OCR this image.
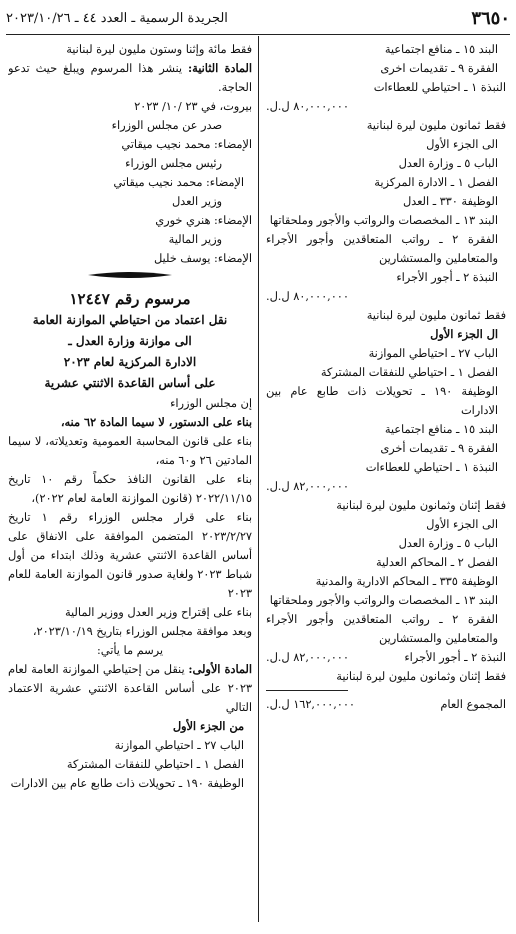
٣٦٥٠
الجريدة الرسمية ـ العدد ٤٤ ـ ٢٠٢٣/١٠/٢٦
البند ١٥ ـ منافع اجتماعية
الفقرة ٩ ـ تقديمات اخرى
النبذة ١ ـ احتياطي للعطاءات
٨٠,٠٠٠,٠٠٠ ل.ل.
فقط ثمانون مليون ليرة لبنانية
الى الجزء الأول
الباب ٥ ـ وزارة العدل
الفصل ١ ـ الادارة المركزية
الوظيفة ٣٣٠ ـ العدل
البند ١٣ ـ المخصصات والرواتب والأجور وملحقاتها
الفقرة ٢ ـ رواتب المتعاقدين وأجور الأجراء والمتعاملين والمستشارين
النبذة ٢ ـ أجور الأجراء
٨٠,٠٠٠,٠٠٠ ل.ل.
فقط ثمانون مليون ليرة لبنانية
ال الجزء الأول
الباب ٢٧ ـ احتياطي الموازنة
الفصل ١ ـ احتياطي للنفقات المشتركة
الوظيفة ١٩٠ ـ تحويلات ذات طابع عام بين الادارات
البند ١٥ ـ منافع اجتماعية
الفقرة ٩ ـ تقديمات أخرى
النبذة ١ ـ احتياطي للعطاءات
٨٢,٠٠٠,٠٠٠ ل.ل.
فقط إثنان وثمانون مليون ليرة لبنانية
الى الجزء الأول
الباب ٥ ـ وزارة العدل
الفصل ٢ ـ المحاكم العدلية
الوظيفة ٣٣٥ ـ المحاكم الادارية والمدنية
البند ١٣ ـ المخصصات والرواتب والأجور وملحقاتها
الفقرة ٢ ـ رواتب المتعاقدين وأجور الأجراء والمتعاملين والمستشارين
النبذة ٢ ـ أجور الأجراء
٨٢,٠٠٠,٠٠٠ ل.ل.
فقط إثنان وثمانون مليون ليرة لبنانية
المجموع العام
١٦٢,٠٠٠,٠٠٠ ل.ل.
فقط مائة وإثنا وستون مليون ليرة لبنانية
المادة الثانية: ينشر هذا المرسوم ويبلغ حيث تدعو الحاجة.
بيروت، في ٢٣ /١٠/ ٢٠٢٣
صدر عن مجلس الوزراء
الإمضاء: محمد نجيب ميقاتي
رئيس مجلس الوزراء
الإمضاء: محمد نجيب ميقاتي
وزير العدل
الإمضاء: هنري خوري
وزير المالية
الإمضاء: يوسف خليل
مرسوم رقم ١٢٤٤٧
نقل اعتماد من احتياطي الموازنة العامة
الى موازنة وزارة العدل ـ
الادارة المركزية لعام ٢٠٢٣
على أساس القاعدة الاثنتي عشرية
إن مجلس الوزراء
بناء على الدستور، لا سيما المادة ٦٢ منه،
بناء على قانون المحاسبة العمومية وتعديلاته، لا سيما المادتين ٢٦ و٦٠ منه،
بناء على القانون النافذ حكماً رقم ١٠ تاريخ ٢٠٢٢/١١/١٥ (قانون الموازنة العامة لعام ٢٠٢٢)،
بناء على قرار مجلس الوزراء رقم ١ تاريخ ٢٠٢٣/٢/٢٧ المتضمن الموافقة على الانفاق على أساس القاعدة الاثنتي عشرية وذلك ابتداء من أول شباط ٢٠٢٣ ولغاية صدور قانون الموازنة العامة للعام ٢٠٢٣
بناء على إقتراح وزير العدل ووزير المالية
وبعد موافقة مجلس الوزراء بتاريخ ٢٠٢٣/١٠/١٩،
يرسم ما يأتي:
المادة الأولى: ينقل من إحتياطي الموازنة العامة لعام ٢٠٢٣ على أساس القاعدة الاثنتي عشرية الاعتماد التالي
من الجزء الأول
الباب ٢٧ ـ احتياطي الموازنة
الفصل ١ ـ احتياطي للنفقات المشتركة
الوظيفة ١٩٠ ـ تحويلات ذات طابع عام بين الادارات
